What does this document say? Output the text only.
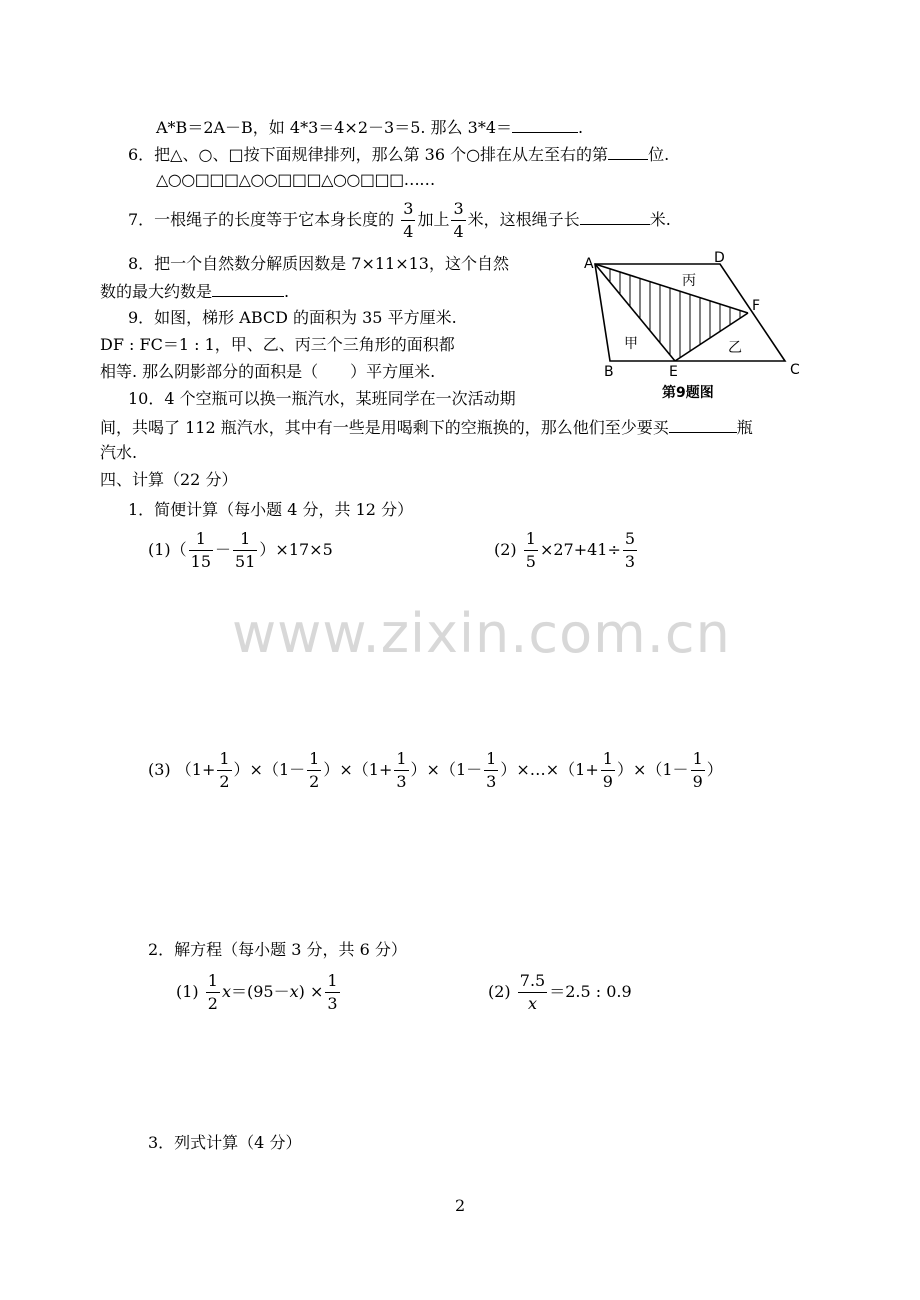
www.zixin.com.cn
A*B＝2A－B，如 4*3＝4×2－3＝5. 那么 3*4＝	.
6．把△、○、□按下面规律排列，那么第 36 个○排在从左至右的第	位.
△○○□□□△○○□□□△○○□□□……
7．一根绳子的长度等于它本身长度的 $\frac{3}{4}$ 加上 $\frac{3}{4}$ 米，这根绳子长	米.
8．把一个自然数分解质因数是 7×11×13，这个自然
数的最大约数是	.
9．如图，梯形 ABCD 的面积为 35 平方厘米.
DF : FC＝1 : 1，甲、乙、丙三个三角形的面积都
相等. 那么阴影部分的面积是（　　）平方厘米.
10．4 个空瓶可以换一瓶汽水，某班同学在一次活动期
间，共喝了 112 瓶汽水，其中有一些是用喝剩下的空瓶换的，那么他们至少要买	瓶
汽水.
A	D
F
B	E	C
丙
甲	乙
第9题图
四、计算（22 分）
1．简便计算（每小题 4 分，共 12 分）
$(1)( \frac{1}{15} - \frac{1}{51} )\times 17\times 5$	$(2) \frac{1}{5} \times 27+41\div \frac{5}{3}$
(3) $(1+ \frac{1}{2} )\times(1- \frac{1}{2} )\times(1+ \frac{1}{3} )\times(1- \frac{1}{3}$ ）×…×（1+ $\frac{1}{9} )\times(1- \frac{1}{9}$ ）
2．解方程（每小题 3 分，共 6 分）
$(1) \frac{1}{2} x=(95-x) \times \frac{1}{3}$	$(2) \frac{7.5}{x} =2.5$ : 0.9
3．列式计算（4 分）
2
